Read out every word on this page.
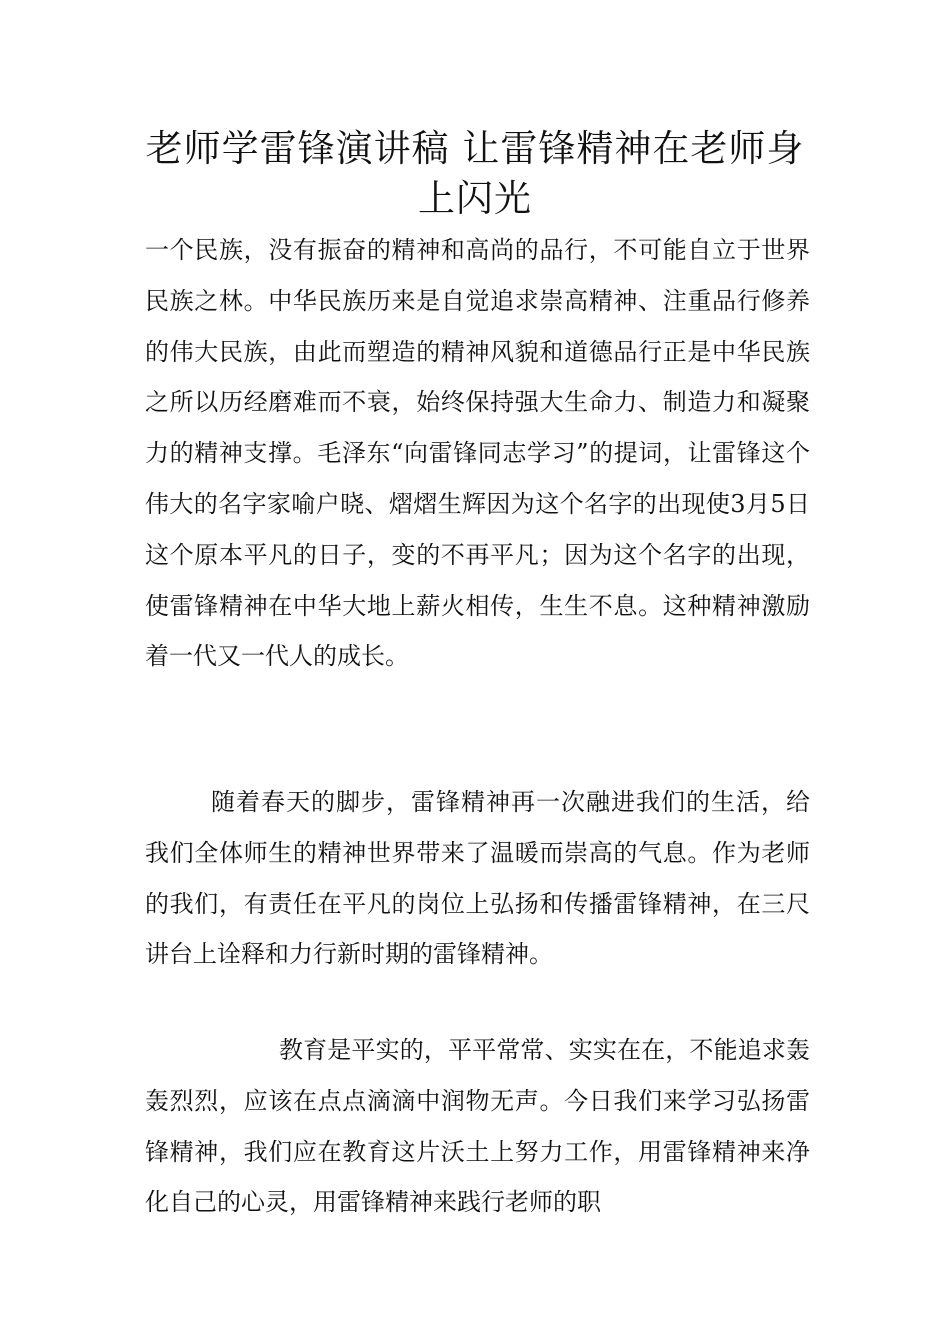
老师学雷锋演讲稿 让雷锋精神在老师身上闪光

一个民族，没有振奋的精神和高尚的品行，不可能自立于世界民族之林。中华民族历来是自觉追求崇高精神、注重品行修养的伟大民族，由此而塑造的精神风貌和道德品行正是中华民族之所以历经磨难而不衰，始终保持强大生命力、制造力和凝聚力的精神支撑。毛泽东“向雷锋同志学习”的提词，让雷锋这个伟大的名字家喻户晓、熠熠生辉因为这个名字的出现使3月5日这个原本平凡的日子，变的不再平凡；因为这个名字的出现，使雷锋精神在中华大地上薪火相传，生生不息。这种精神激励着一代又一代人的成长。

随着春天的脚步，雷锋精神再一次融进我们的生活，给我们全体师生的精神世界带来了温暖而崇高的气息。作为老师的我们，有责任在平凡的岗位上弘扬和传播雷锋精神，在三尺讲台上诠释和力行新时期的雷锋精神。

教育是平实的，平平常常、实实在在，不能追求轰轰烈烈，应该在点点滴滴中润物无声。今日我们来学习弘扬雷锋精神，我们应在教育这片沃土上努力工作，用雷锋精神来净化自己的心灵，用雷锋精神来践行老师的职
